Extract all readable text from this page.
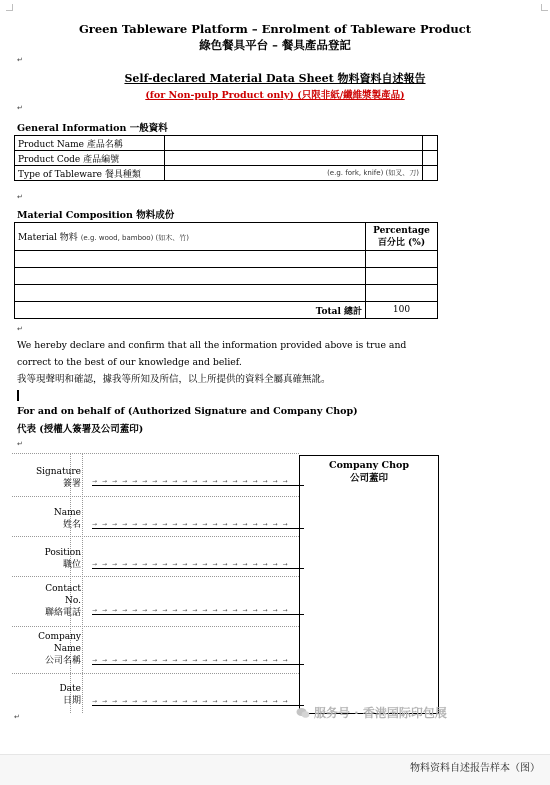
Green Tableware Platform – Enrolment of Tableware Product
綠色餐具平台 – 餐具產品登記
↵
Self-declared Material Data Sheet 物料資料自述報告
(for Non-pulp Product only) (只限非紙/纖維漿製產品)
↵
General Information 一般資料
Product Name 產品名稱		
Product Code 產品編號		
Type of Tableware 餐具種類	(e.g. fork, knife) (如叉、刀)	
↵
Material Composition 物料成份
Material 物料 (e.g. wood, bamboo) (如木、竹)	Percentage
百分比 (%)

Total 總計	100
↵
We hereby declare and confirm that all the information provided above is true and correct to the best of our knowledge and belief.
我等現聲明和確認，據我等所知及所信，以上所提供的資料全屬真確無訛。
For and on behalf of (Authorized Signature and Company Chop)
代表 (授權人簽署及公司蓋印)
↵
Signature
簽署 →→→→→→→→→→→→→→→→→→→→
Name
姓名 →→→→→→→→→→→→→→→→→→→→
Position
職位 →→→→→→→→→→→→→→→→→→→→
Contact No.
聯絡電話 →→→→→→→→→→→→→→→→→→→→
Company Name
公司名稱 →→→→→→→→→→→→→→→→→→→→
Date
日期 →→→→→→→→→→→→→→→→→→→→
Company Chop
公司蓋印
服务号 · 香港国际印包展
↵
物料资料自述报告样本（图）
